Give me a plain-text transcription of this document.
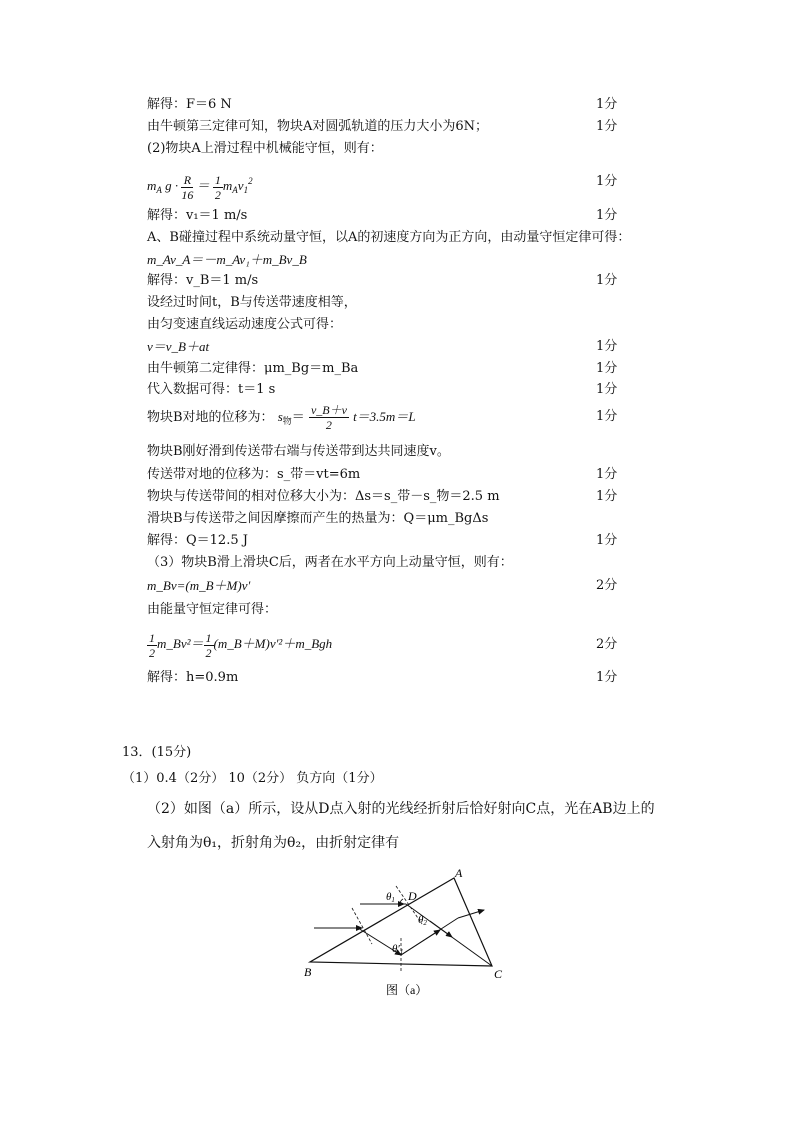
解得：F＝6 N	1分
由牛顿第三定律可知，物块A对圆弧轨道的压力大小为6N；	1分
(2)物块A上滑过程中机械能守恒，则有：
$m_A$ $g \cdot \frac{R}{16} = \frac{1}{2} m_Av_1^2$	1分
解得：v₁＝1 m/s	1分
A、B碰撞过程中系统动量守恒，以A的初速度方向为正方向，由动量守恒定律可得：
m_Av_A＝－m_Av₁＋m_Bv_B
解得：v_B＝1 m/s	1分
设经过时间t，B与传送带速度相等，
由匀变速直线运动速度公式可得：
v＝v_B＋at	1分
由牛顿第二定律得：μm_Bg＝m_Ba	1分
代入数据可得：t＝1 s	1分
物块B对地的位移为： $s_物= \frac{v\_B+v}{2} t=3.5m=L$	1分
物块B刚好滑到传送带右端与传送带到达共同速度v。
传送带对地的位移为：s_带＝vt=6m	1分
物块与传送带间的相对位移大小为：Δs＝s_带－s_物＝2.5 m	1分
滑块B与传送带之间因摩擦而产生的热量为：Q＝μm_BgΔs
解得：Q＝12.5 J	1分
（3）物块B滑上滑块C后，两者在水平方向上动量守恒，则有：
m_Bv=(m_B＋M)v′	2分
由能量守恒定律可得：
$\frac{1}{2}$ m_Bv²＝ $\frac{1}{2}$ (m_B＋M)v′²＋m_Bgh	2分
解得：h=0.9m	1分
13．(15分)
（1）0.4（2分） 10（2分） 负方向（1分）
（2）如图（a）所示，设从D点入射的光线经折射后恰好射向C点，光在AB边上的
入射角为θ₁，折射角为θ₂，由折射定律有
A
B	C
D
θ1
θ2
θ′1
图（a）
